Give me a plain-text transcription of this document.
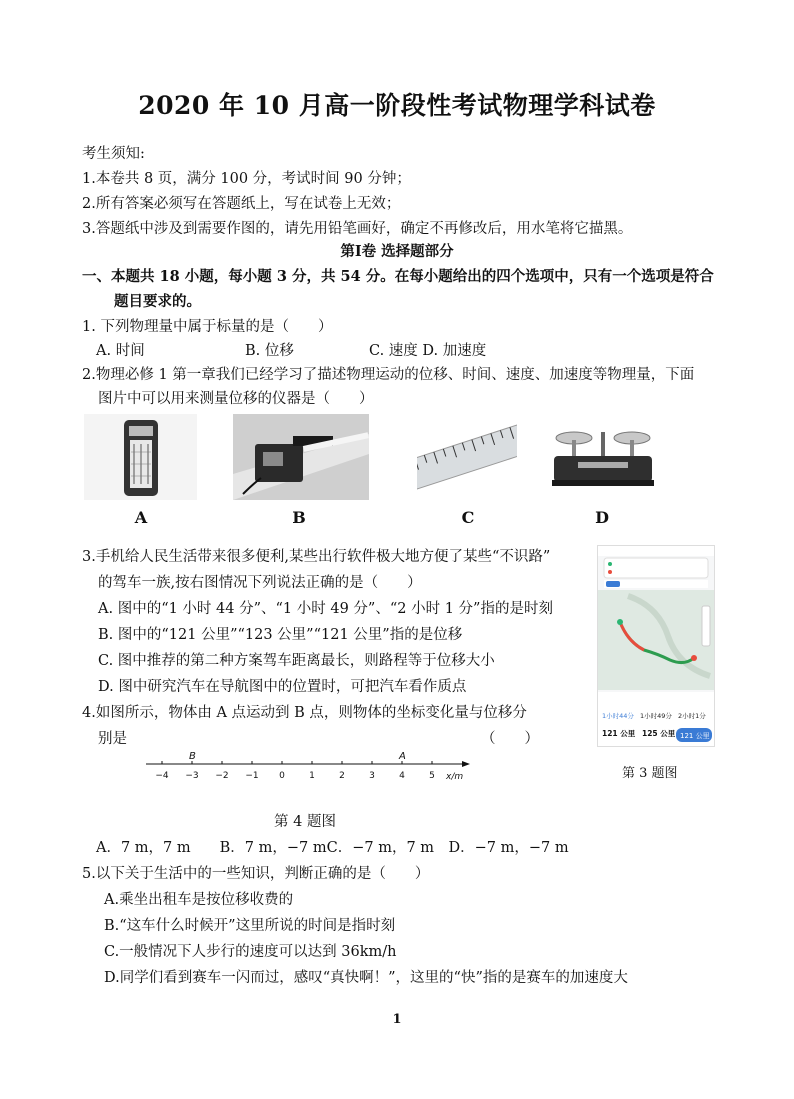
2020 年 10 月高一阶段性考试物理学科试卷
考生须知:
1.本卷共 8 页，满分 100 分，考试时间 90 分钟；
2.所有答案必须写在答题纸上，写在试卷上无效；
3.答题纸中涉及到需要作图的，请先用铅笔画好，确定不再修改后，用水笔将它描黑。
第Ⅰ卷 选择题部分
一、本题共 18 小题，每小题 3 分，共 54 分。在每小题给出的四个选项中，只有一个选项是符合
题目要求的。
1. 下列物理量中属于标量的是（　　）
A. 时间	B. 位移	C. 速度 D. 加速度
2.物理必修 1 第一章我们已经学习了描述物理运动的位移、时间、速度、加速度等物理量，下面
图片中可以用来测量位移的仪器是（　　）
A	B	C	D
3.手机给人民生活带来很多便利,某些出行软件极大地方便了某些“不识路”
的驾车一族,按右图情况下列说法正确的是（　　）
A. 图中的“1 小时 44 分”、“1 小时 49 分”、“2 小时 1 分”指的是时刻
B. 图中的“121 公里”“123 公里”“121 公里”指的是位移
C. 图中推荐的第二种方案驾车距离最长，则路程等于位移大小
D. 图中研究汽车在导航图中的位置时，可把汽车看作质点
1小时44分 1小时49分 2小时1分
121 公里 125 公里 121 公里
第 3 题图
4.如图所示，物体由 A 点运动到 B 点，则物体的坐标变化量与位移分
别是	（　　）
−4 −3 −2 −1 0	1	2	3	4	5
B	A
x/m
第 4 题图
A．7 m，7 m　　B．7 m，−7 mC．−7 m，7 m　D．−7 m，−7 m
5.以下关于生活中的一些知识，判断正确的是（　　）
A.乘坐出租车是按位移收费的
B.“这车什么时候开”这里所说的时间是指时刻
C.一般情况下人步行的速度可以达到 36km/h
D.同学们看到赛车一闪而过，感叹“真快啊！”，这里的“快”指的是赛车的加速度大
1
